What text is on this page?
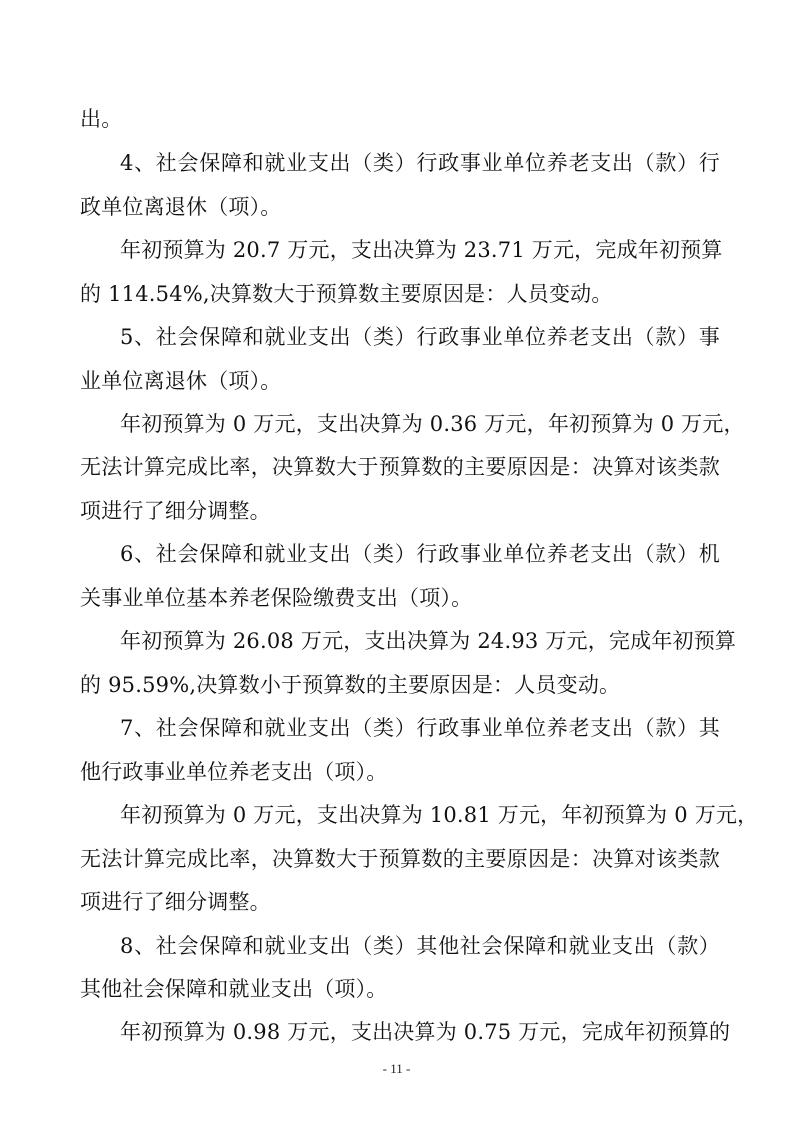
出。
4、社会保障和就业支出（类）行政事业单位养老支出（款）行
政单位离退休（项）。
年初预算为 20.7 万元，支出决算为 23.71 万元，完成年初预算
的 114.54%,决算数大于预算数主要原因是：人员变动。
5、社会保障和就业支出（类）行政事业单位养老支出（款）事
业单位离退休（项）。
年初预算为 0 万元，支出决算为 0.36 万元，年初预算为 0 万元，
无法计算完成比率，决算数大于预算数的主要原因是：决算对该类款
项进行了细分调整。
6、社会保障和就业支出（类）行政事业单位养老支出（款）机
关事业单位基本养老保险缴费支出（项）。
年初预算为 26.08 万元，支出决算为 24.93 万元，完成年初预算
的 95.59%,决算数小于预算数的主要原因是：人员变动。
7、社会保障和就业支出（类）行政事业单位养老支出（款）其
他行政事业单位养老支出（项）。
年初预算为 0 万元，支出决算为 10.81 万元，年初预算为 0 万元，
无法计算完成比率，决算数大于预算数的主要原因是：决算对该类款
项进行了细分调整。
8、社会保障和就业支出（类）其他社会保障和就业支出（款）
其他社会保障和就业支出（项）。
年初预算为 0.98 万元，支出决算为 0.75 万元，完成年初预算的
- 11 -
